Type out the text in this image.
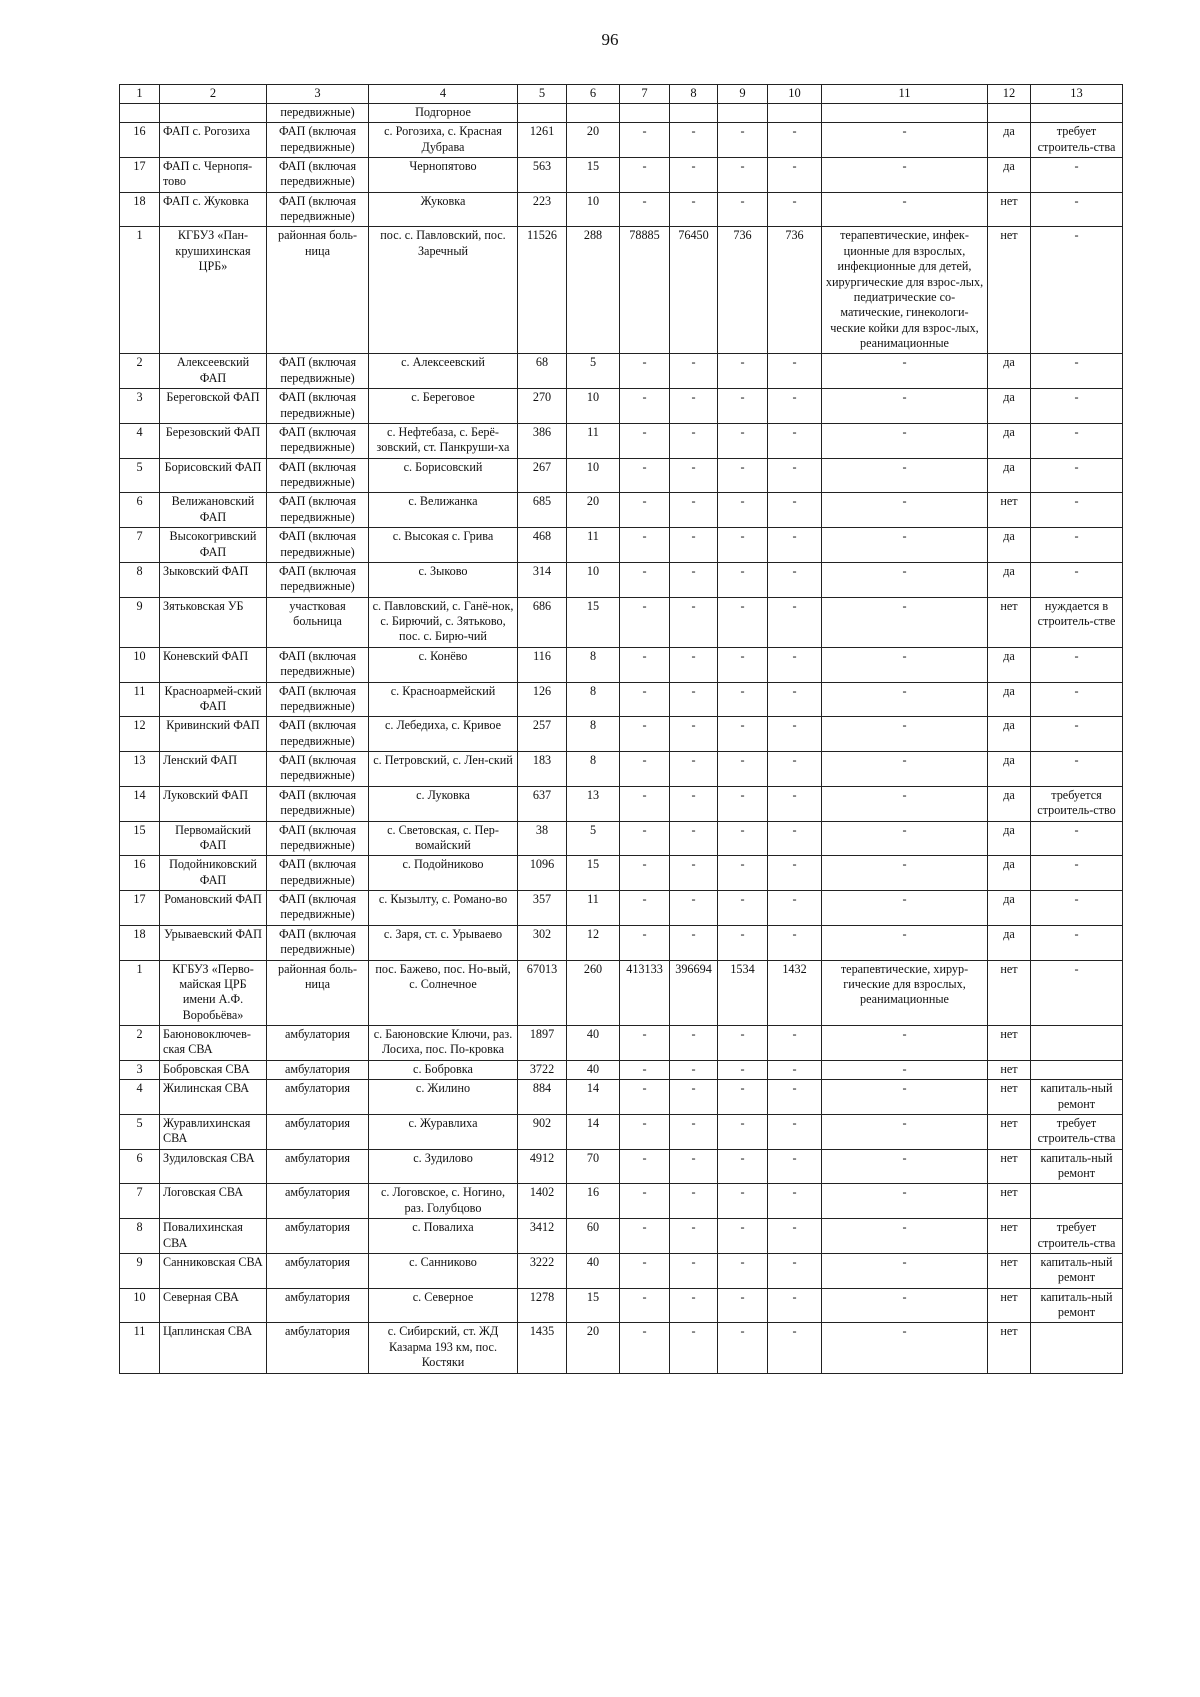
96
1	2	3	4	5	6	7	8	9	10	11	12	13
		передвижные)	Подгорное									
16	ФАП с. Рогозиха	ФАП (включая передвижные)	с. Рогозиха, с. Красная Дубрава	1261	20	-	-	-	-	-	да	требует строитель-ства
17	ФАП с. Чернопя-тово	ФАП (включая передвижные)	Чернопятово	563	15	-	-	-	-	-	да	-
18	ФАП с. Жуковка	ФАП (включая передвижные)	Жуковка	223	10	-	-	-	-	-	нет	-
1	КГБУЗ «Пан-крушихинская ЦРБ»	районная боль-ница	пос. с. Павловский, пос. Заречный	11526	288	78885	76450	736	736	терапевтические, инфек-ционные для взрослых, инфекционные для детей, хирургические для взрос-лых, педиатрические со-матические, гинекологи-ческие койки для взрос-лых, реанимационные	нет	-
2	Алексеевский ФАП	ФАП (включая передвижные)	с. Алексеевский	68	5	-	-	-	-	-	да	-
3	Береговской ФАП	ФАП (включая передвижные)	с. Береговое	270	10	-	-	-	-	-	да	-
4	Березовский ФАП	ФАП (включая передвижные)	с. Нефтебаза, с. Берё-зовский, ст. Панкруши-ха	386	11	-	-	-	-	-	да	-
5	Борисовский ФАП	ФАП (включая передвижные)	с. Борисовский	267	10	-	-	-	-	-	да	-
6	Велижановский ФАП	ФАП (включая передвижные)	с. Велижанка	685	20	-	-	-	-	-	нет	-
7	Высокогривский ФАП	ФАП (включая передвижные)	с. Высокая с. Грива	468	11	-	-	-	-	-	да	-
8	Зыковский ФАП	ФАП (включая передвижные)	с. Зыково	314	10	-	-	-	-	-	да	-
9	Зятьковская УБ	участковая больница	с. Павловский, с. Ганё-нок, с. Бирючий, с. Зятьково, пос. с. Бирю-чий	686	15	-	-	-	-	-	нет	нуждается в строитель-стве
10	Коневский ФАП	ФАП (включая передвижные)	с. Конёво	116	8	-	-	-	-	-	да	-
11	Красноармей-ский ФАП	ФАП (включая передвижные)	с. Красноармейский	126	8	-	-	-	-	-	да	-
12	Кривинский ФАП	ФАП (включая передвижные)	с. Лебедиха, с. Кривое	257	8	-	-	-	-	-	да	-
13	Ленский ФАП	ФАП (включая передвижные)	с. Петровский, с. Лен-ский	183	8	-	-	-	-	-	да	-
14	Луковский ФАП	ФАП (включая передвижные)	с. Луковка	637	13	-	-	-	-	-	да	требуется строитель-ство
15	Первомайский ФАП	ФАП (включая передвижные)	с. Световская, с. Пер-вомайский	38	5	-	-	-	-	-	да	-
16	Подойниковский ФАП	ФАП (включая передвижные)	с. Подойниково	1096	15	-	-	-	-	-	да	-
17	Романовский ФАП	ФАП (включая передвижные)	с. Кызылту, с. Романо-во	357	11	-	-	-	-	-	да	-
18	Урываевский ФАП	ФАП (включая передвижные)	с. Заря, ст. с. Урываево	302	12	-	-	-	-	-	да	-
1	КГБУЗ «Перво-майская ЦРБ имени А.Ф. Воробьёва»	районная боль-ница	пос. Бажево, пос. Но-вый, с. Солнечное	67013	260	413133	396694	1534	1432	терапевтические, хирур-гические для взрослых, реанимационные	нет	-
2	Баюновоключев-ская СВА	амбулатория	с. Баюновские Ключи, раз. Лосиха, пос. По-кровка	1897	40	-	-	-	-	-	нет	
3	Бобровская СВА	амбулатория	с. Бобровка	3722	40	-	-	-	-	-	нет	
4	Жилинская СВА	амбулатория	с. Жилино	884	14	-	-	-	-	-	нет	капиталь-ный ремонт
5	Журавлихинская СВА	амбулатория	с. Журавлиха	902	14	-	-	-	-	-	нет	требует строитель-ства
6	Зудиловская СВА	амбулатория	с. Зудилово	4912	70	-	-	-	-	-	нет	капиталь-ный ремонт
7	Логовская СВА	амбулатория	с. Логовское, с. Ногино, раз. Голубцово	1402	16	-	-	-	-	-	нет	
8	Повалихинская СВА	амбулатория	с. Повалиха	3412	60	-	-	-	-	-	нет	требует строитель-ства
9	Санниковская СВА	амбулатория	с. Санниково	3222	40	-	-	-	-	-	нет	капиталь-ный ремонт
10	Северная СВА	амбулатория	с. Северное	1278	15	-	-	-	-	-	нет	капиталь-ный ремонт
11	Цаплинская СВА	амбулатория	с. Сибирский, ст. ЖД Казарма 193 км, пос. Костяки	1435	20	-	-	-	-	-	нет	
